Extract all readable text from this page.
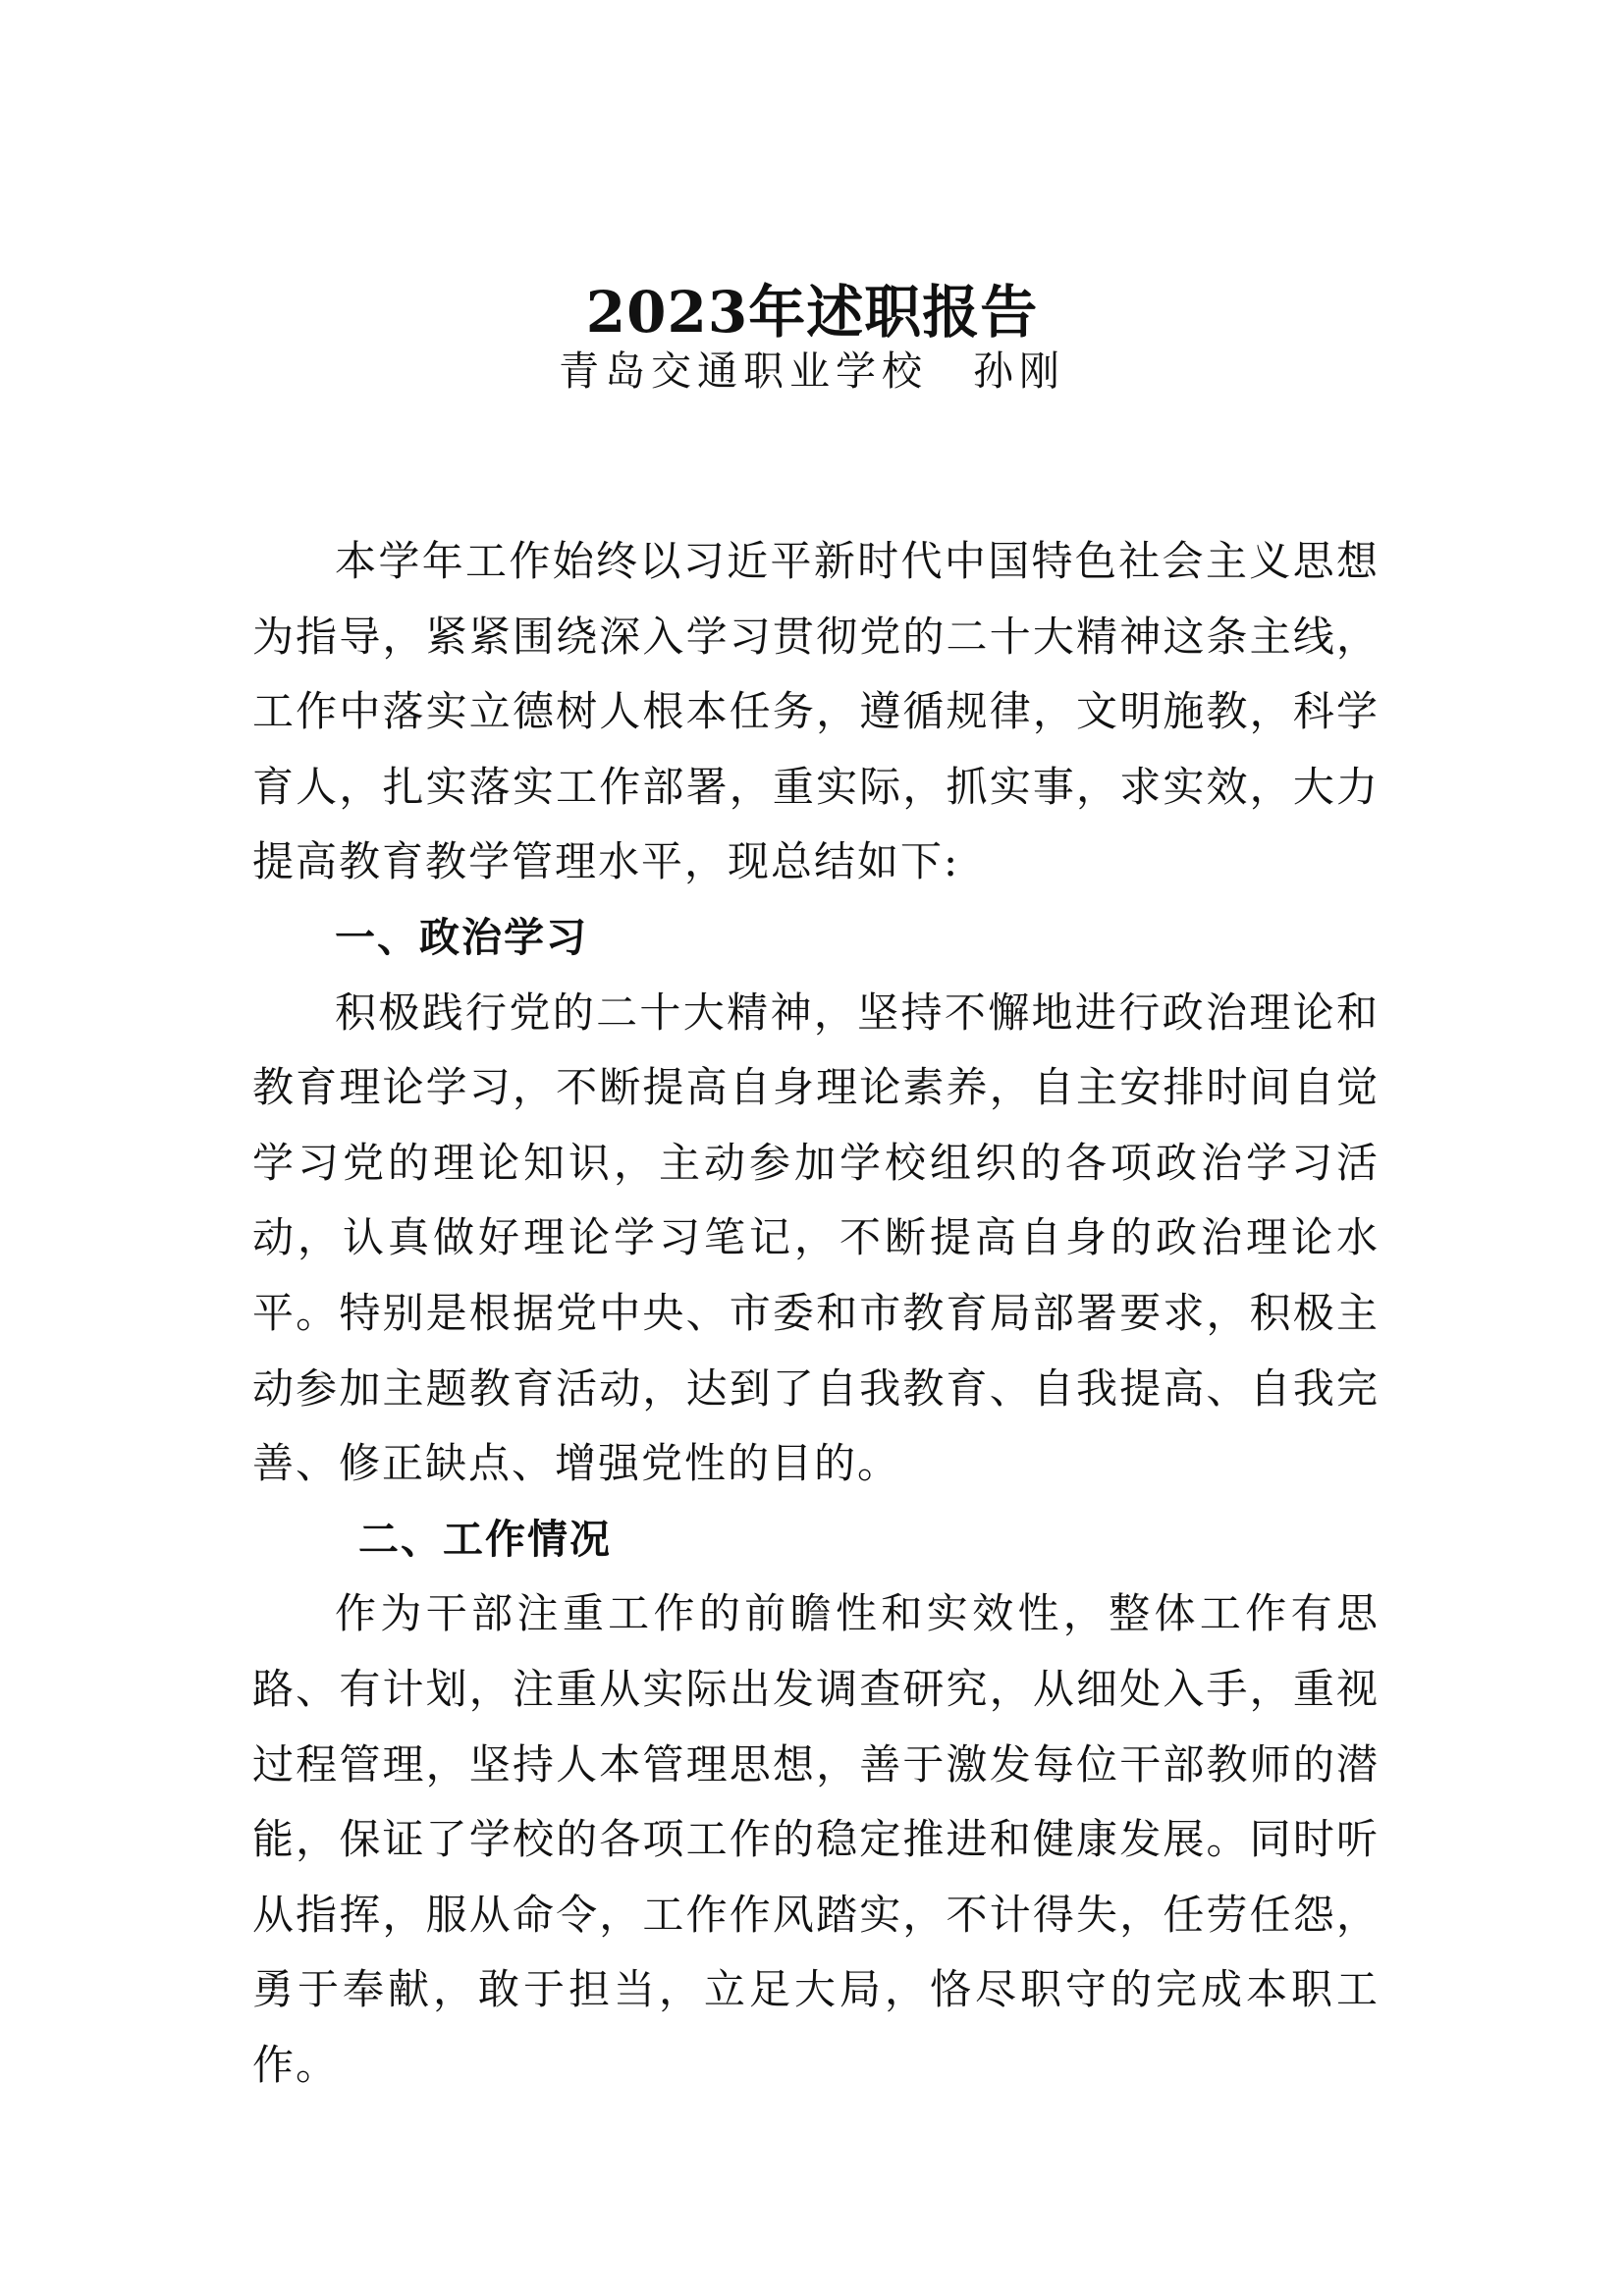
2023年述职报告

青岛交通职业学校 孙刚

本学年工作始终以习近平新时代中国特色社会主义思想为指导，紧紧围绕深入学习贯彻党的二十大精神这条主线，工作中落实立德树人根本任务，遵循规律，文明施教，科学育人，扎实落实工作部署，重实际，抓实事，求实效，大力提高教育教学管理水平，现总结如下:

一、政治学习

积极践行党的二十大精神，坚持不懈地进行政治理论和教育理论学习，不断提高自身理论素养，自主安排时间自觉学习党的理论知识，主动参加学校组织的各项政治学习活动，认真做好理论学习笔记，不断提高自身的政治理论水平。特别是根据党中央、市委和市教育局部署要求，积极主动参加主题教育活动，达到了自我教育、自我提高、自我完善、修正缺点、增强党性的目的。

二、工作情况

作为干部注重工作的前瞻性和实效性，整体工作有思路、有计划，注重从实际出发调查研究，从细处入手，重视过程管理，坚持人本管理思想，善于激发每位干部教师的潜能，保证了学校的各项工作的稳定推进和健康发展。同时听从指挥，服从命令，工作作风踏实，不计得失，任劳任怨，勇于奉献，敢于担当，立足大局，恪尽职守的完成本职工作。
